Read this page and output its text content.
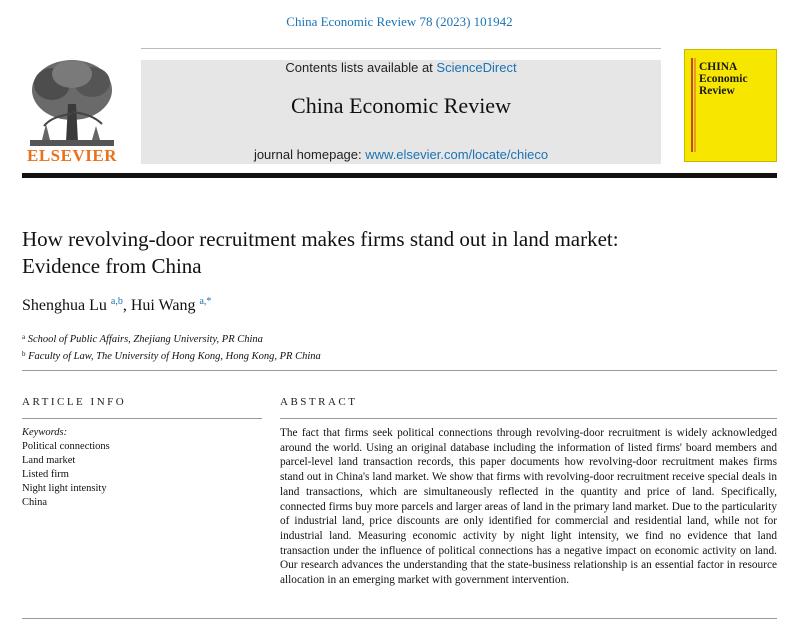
China Economic Review 78 (2023) 101942
ELSEVIER
Contents lists available at ScienceDirect
China Economic Review
journal homepage: www.elsevier.com/locate/chieco
CHINA
Economic
Review
How revolving-door recruitment makes firms stand out in land market: Evidence from China
Shenghua Lu $^{a,b}$, Hui Wang $^{a,*}$
$^a$ School of Public Affairs, Zhejiang University, PR China
$^b$ Faculty of Law, The University of Hong Kong, Hong Kong, PR China
ARTICLE INFO	ABSTRACT
Keywords:
Political connections
Land market
Listed firm
Night light intensity
China
The fact that firms seek political connections through revolving-door recruitment is widely acknowledged around the world. Using an original database including the information of listed firms' board members and parcel-level land transaction records, this paper documents how revolving-door recruitment makes firms stand out in China's land market. We show that firms with revolving-door recruitment receive special deals in land transactions, which are simultaneously reflected in the quantity and price of land. Specifically, connected firms buy more parcels and larger areas of land in the primary land market. Due to the particularity of industrial land, price discounts are only identified for commercial and residential land, while not for industrial land. Measuring economic activity by night light intensity, we find no evidence that land transaction under the influence of political connections has a negative impact on economic activity on land. Our research advances the understanding that the state-business relationship is an essential factor in resource allocation in an emerging market with government intervention.
